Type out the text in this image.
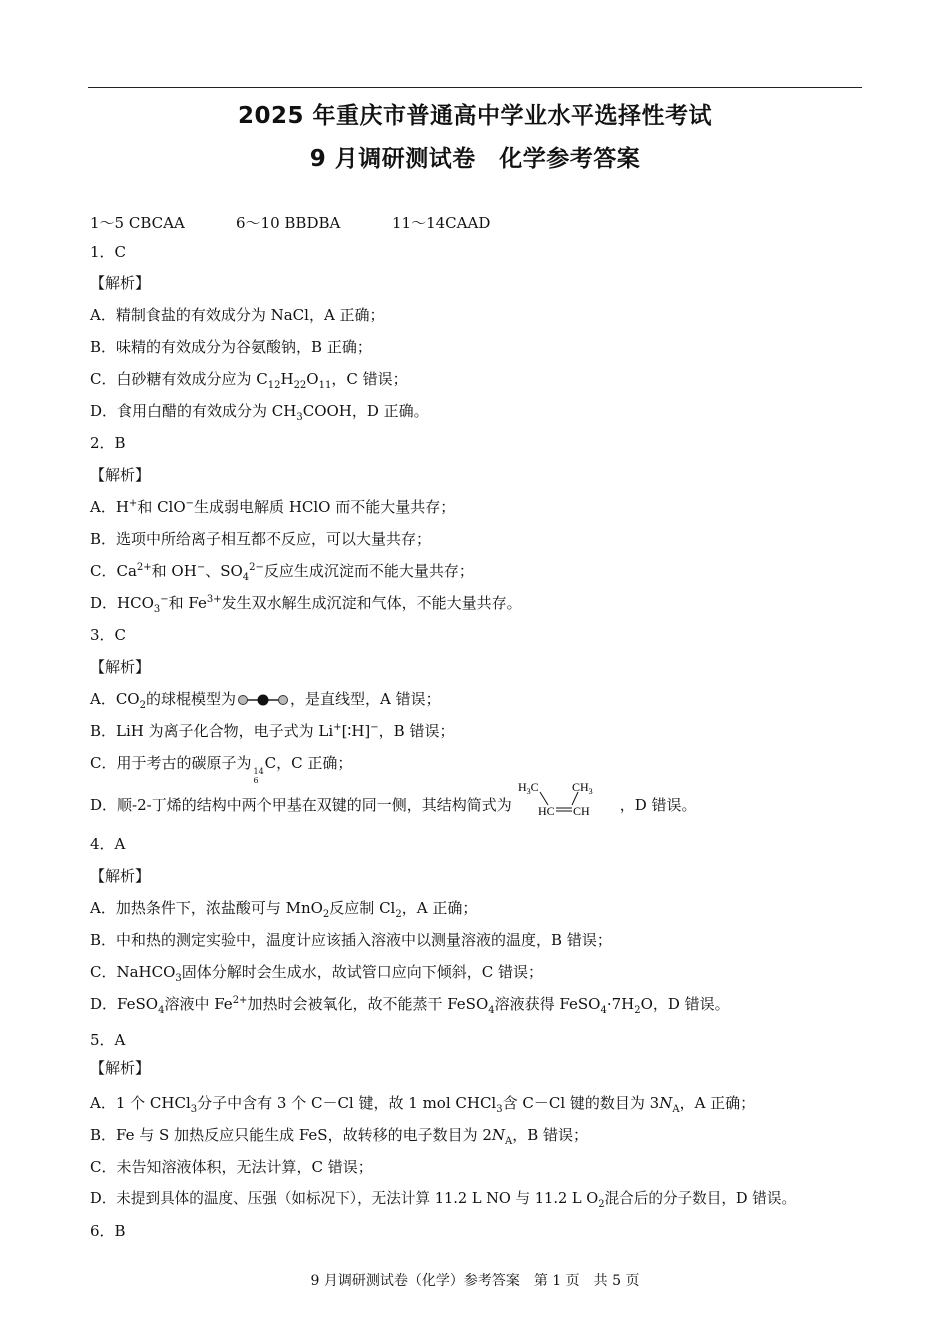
2025 年重庆市普通高中学业水平选择性考试
9 月调研测试卷　化学参考答案
1～5 CBCAA	6～10 BBDBA	11～14CAAD
1．C
【解析】
A．精制食盐的有效成分为 NaCl，A 正确；
B．味精的有效成分为谷氨酸钠，B 正确；
C．白砂糖有效成分应为 $C_{12}H_{22}O_{11}$，C 错误；
D．食用白醋的有效成分为 $CH_3COOH$，D 正确。
2．B
【解析】
A．H+和 ClO−生成弱电解质 HClO 而不能大量共存；
B．选项中所给离子相互都不反应，可以大量共存；
C．$Ca^{2+}$和 OH−、$SO_4^{2-}$反应生成沉淀而不能大量共存；
D．$HCO_3^-$和 $Fe^{3+}$发生双水解生成沉淀和气体，不能大量共存。
3．C
【解析】
A．$CO_2$的球棍模型为	，是直线型，A 错误；
B．LiH 为离子化合物，电子式为 Li+[∶H]−，B 错误；
C．用于考古的碳原子为 14
6
C，C 正确；
D．顺-2-丁烯的结构中两个甲基在双键的同一侧，其结构简式为
$H_3C$	$CH_3$
HC CH ，D 错误。
4．A
【解析】
A．加热条件下，浓盐酸可与 MnO$_2$反应制 $Cl_2$，A 正确；
B．中和热的测定实验中，温度计应该插入溶液中以测量溶液的温度，B 错误；
C．NaHCO$_3$固体分解时会生成水，故试管口应向下倾斜，C 错误；
D．FeSO$_4$溶液中 $Fe^{2+}$加热时会被氧化，故不能蒸干 FeSO$_4$溶液获得 $FeSO_4\cdot 7H_2O$，D 错误。
5．A
【解析】
A．1 个 CHCl$_3$分子中含有 3 个 C－Cl 键，故 1 mol CHCl$_3$含 C－Cl 键的数目为 $3N_A$，A 正确；
B．Fe 与 S 加热反应只能生成 FeS，故转移的电子数目为 $2N_A$，B 错误；
C．未告知溶液体积，无法计算，C 错误；
D．未提到具体的温度、压强（如标况下），无法计算 11.2 L NO 与 11.2 L $O_2$混合后的分子数目，D 错误。
6．B
9 月调研测试卷（化学）参考答案　第 1 页　共 5 页
